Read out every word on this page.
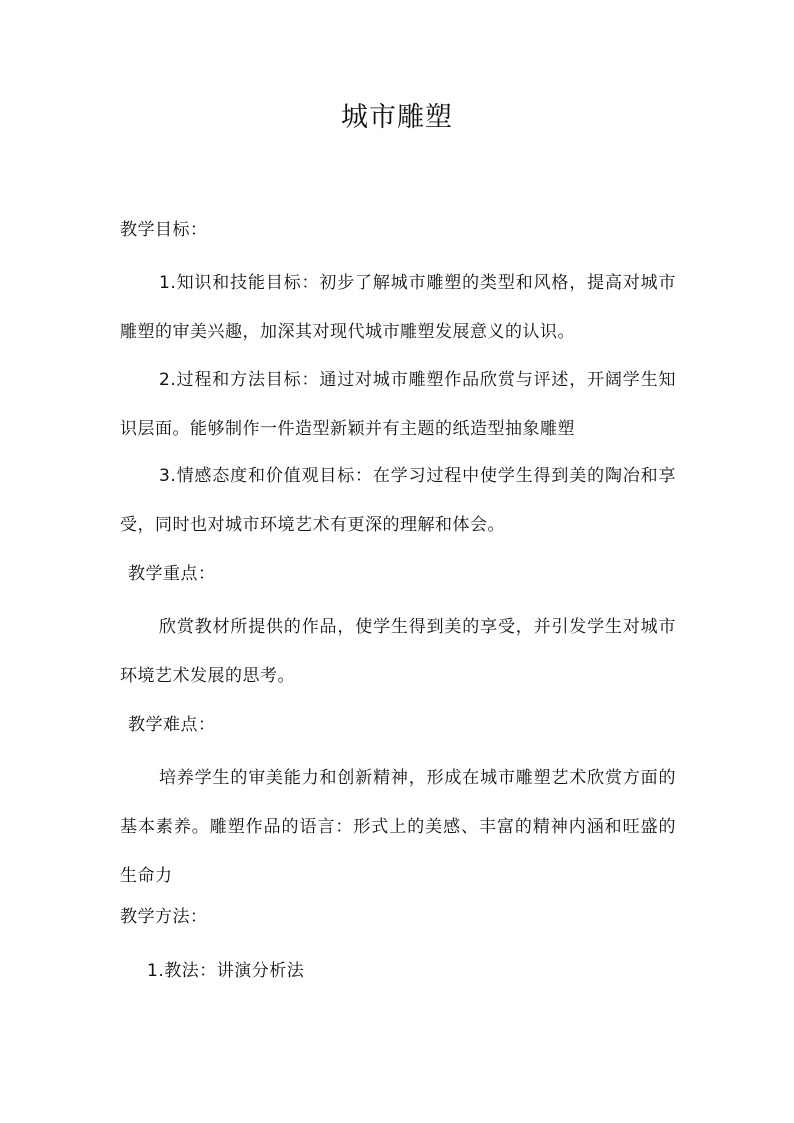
城市雕塑
教学目标：

1.知识和技能目标：初步了解城市雕塑的类型和风格，提高对城市雕塑的审美兴趣，加深其对现代城市雕塑发展意义的认识。

2.过程和方法目标：通过对城市雕塑作品欣赏与评述，开阔学生知识层面。能够制作一件造型新颖并有主题的纸造型抽象雕塑

3.情感态度和价值观目标：在学习过程中使学生得到美的陶冶和享受，同时也对城市环境艺术有更深的理解和体会。

教学重点：

欣赏教材所提供的作品，使学生得到美的享受，并引发学生对城市环境艺术发展的思考。

教学难点：

培养学生的审美能力和创新精神，形成在城市雕塑艺术欣赏方面的基本素养。雕塑作品的语言：形式上的美感、丰富的精神内涵和旺盛的生命力

教学方法：
1.教法：讲演分析法
